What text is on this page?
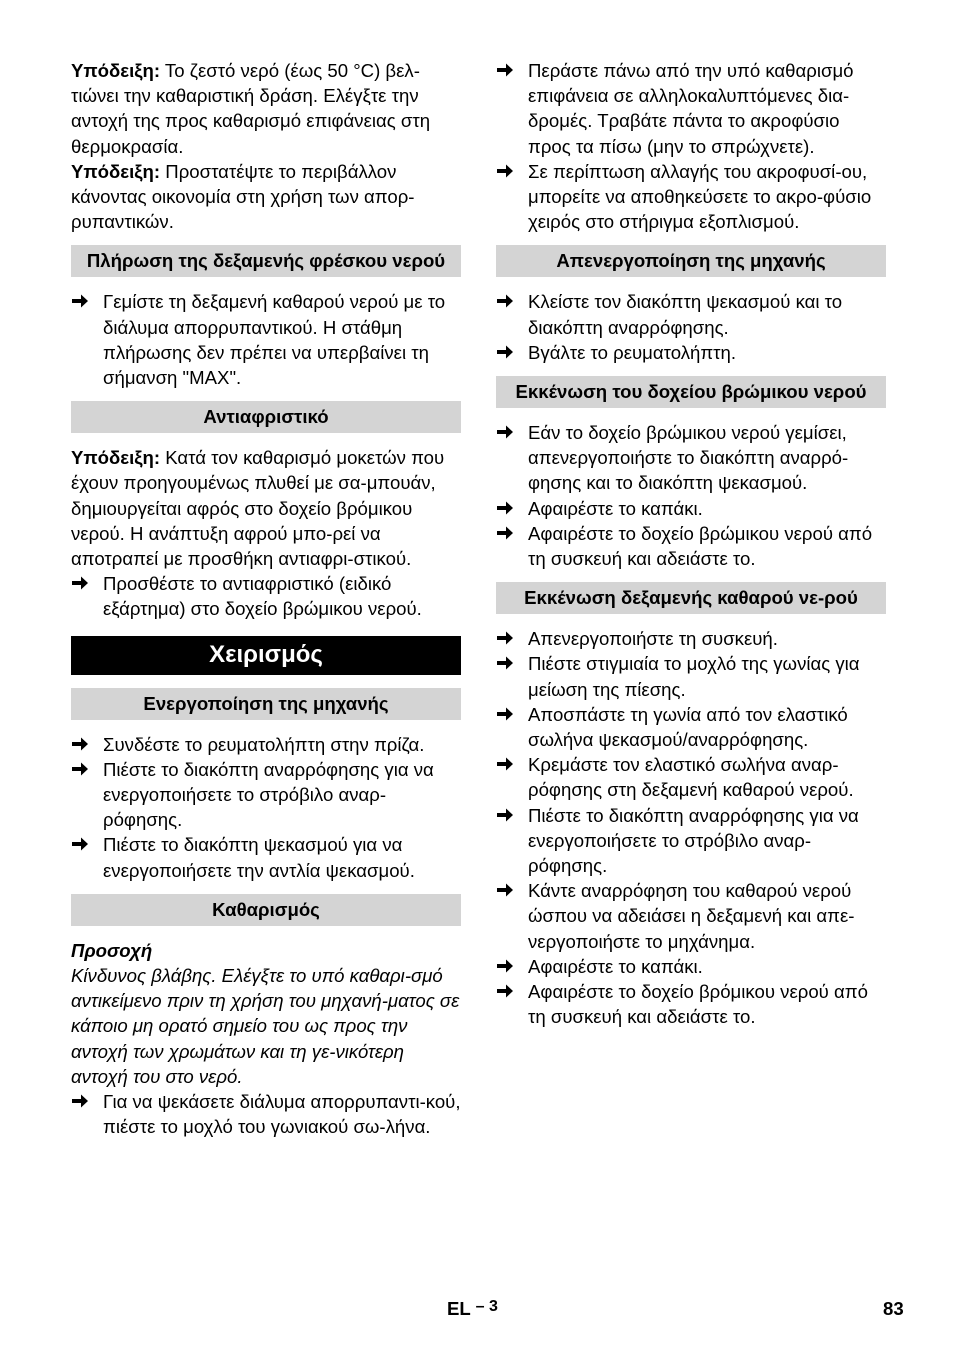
Υπόδειξη: Το ζεστό νερό (έως 50 °C) βελ-τιώνει την καθαριστική δράση. Ελέγξτε την αντοχή της προς καθαρισμό επιφάνειας στη θερμοκρασία.

Υπόδειξη: Προστατέψτε το περιβάλλον κάνοντας οικονομία στη χρήση των απορ-ρυπαντικών.

Πλήρωση της δεξαμενής φρέσκου νερού
Γεμίστε τη δεξαμενή καθαρού νερού με το διάλυμα απορρυπαντικού. Η στάθμη πλήρωσης δεν πρέπει να υπερβαίνει τη σήμανση "MAX".
Αντιαφριστικό

Υπόδειξη: Κατά τον καθαρισμό μοκετών που έχουν προηγουμένως πλυθεί με σα-μπουάν, δημιουργείται αφρός στο δοχείο βρόμικου νερού. Η ανάπτυξη αφρού μπο-ρεί να αποτραπεί με προσθήκη αντιαφρι-στικού.

Προσθέστε το αντιαφριστικό (ειδικό εξάρτημα) στο δοχείο βρώμικου νερού.
Χειρισμός
Ενεργοποίηση της μηχανής
Συνδέστε το ρευματολήπτη στην πρίζα.
Πιέστε το διακόπτη αναρρόφησης για να ενεργοποιήσετε το στρόβιλο αναρ-ρόφησης.
Πιέστε το διακόπτη ψεκασμού για να ενεργοποιήσετε την αντλία ψεκασμού.
Καθαρισμός
Προσοχή
Κίνδυνος βλάβης. Ελέγξτε το υπό καθαρι-σμό αντικείμενο πριν τη χρήση του μηχανή-ματος σε κάποιο μη ορατό σημείο του ως προς την αντοχή των χρωμάτων και τη γε-νικότερη αντοχή του στο νερό.
Για να ψεκάσετε διάλυμα απορρυπαντι-κού, πιέστε το μοχλό του γωνιακού σω-λήνα.
Περάστε πάνω από την υπό καθαρισμό επιφάνεια σε αλληλοκαλυπτόμενες δια-δρομές. Τραβάτε πάντα το ακροφύσιο προς τα πίσω (μην το σπρώχνετε).
Σε περίπτωση αλλαγής του ακροφυσί-ου, μπορείτε να αποθηκεύσετε το ακρο-φύσιο χειρός στο στήριγμα εξοπλισμού.
Απενεργοποίηση της μηχανής
Κλείστε τον διακόπτη ψεκασμού και το διακόπτη αναρρόφησης.
Βγάλτε το ρευματολήπτη.
Εκκένωση του δοχείου βρώμικου νερού
Εάν το δοχείο βρώμικου νερού γεμίσει, απενεργοποιήστε το διακόπτη αναρρό-φησης και το διακόπτη ψεκασμού.
Αφαιρέστε το καπάκι.
Αφαιρέστε το δοχείο βρώμικου νερού από τη συσκευή και αδειάστε το.
Εκκένωση δεξαμενής καθαρού νε-ρού
Απενεργοποιήστε τη συσκευή.
Πιέστε στιγμιαία το μοχλό της γωνίας για μείωση της πίεσης.
Αποσπάστε τη γωνία από τον ελαστικό σωλήνα ψεκασμού/αναρρόφησης.
Κρεμάστε τον ελαστικό σωλήνα αναρ-ρόφησης στη δεξαμενή καθαρού νερού.
Πιέστε το διακόπτη αναρρόφησης για να ενεργοποιήσετε το στρόβιλο αναρ-ρόφησης.
Κάντε αναρρόφηση του καθαρού νερού ώσπου να αδειάσει η δεξαμενή και απε-νεργοποιήστε το μηχάνημα.
Αφαιρέστε το καπάκι.
Αφαιρέστε το δοχείο βρόμικου νερού από τη συσκευή και αδειάστε το.
EL – 3	83
